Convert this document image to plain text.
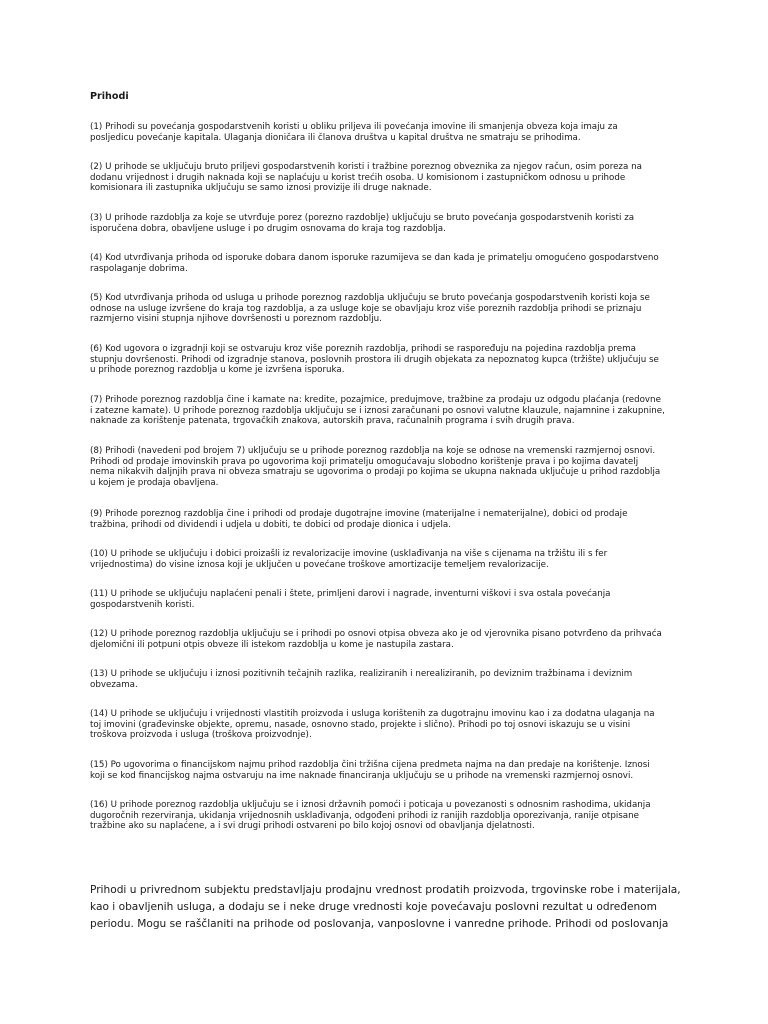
Prihodi

(1) Prihodi su povećanja gospodarstvenih koristi u obliku priljeva ili povećanja imovine ili smanjenja obveza koja imaju za
posljedicu povećanje kapitala. Ulaganja dioničara ili članova društva u kapital društva ne smatraju se prihodima.

(2) U prihode se uključuju bruto priljevi gospodarstvenih koristi i tražbine poreznog obveznika za njegov račun, osim poreza na
dodanu vrijednost i drugih naknada koji se naplaćuju u korist trećih osoba. U komisionom i zastupničkom odnosu u prihode
komisionara ili zastupnika uključuju se samo iznosi provizije ili druge naknade.

(3) U prihode razdoblja za koje se utvrđuje porez (porezno razdoblje) uključuju se bruto povećanja gospodarstvenih koristi za
isporučena dobra, obavljene usluge i po drugim osnovama do kraja tog razdoblja.

(4) Kod utvrđivanja prihoda od isporuke dobara danom isporuke razumijeva se dan kada je primatelju omogućeno gospodarstveno
raspolaganje dobrima.

(5) Kod utvrđivanja prihoda od usluga u prihode poreznog razdoblja uključuju se bruto povećanja gospodarstvenih koristi koja se
odnose na usluge izvršene do kraja tog razdoblja, a za usluge koje se obavljaju kroz više poreznih razdoblja prihodi se priznaju
razmjerno visini stupnja njihove dovršenosti u poreznom razdoblju.

(6) Kod ugovora o izgradnji koji se ostvaruju kroz više poreznih razdoblja, prihodi se raspoređuju na pojedina razdoblja prema
stupnju dovršenosti. Prihodi od izgradnje stanova, poslovnih prostora ili drugih objekata za nepoznatog kupca (tržište) uključuju se
u prihode poreznog razdoblja u kome je izvršena isporuka.

(7) Prihode poreznog razdoblja čine i kamate na: kredite, pozajmice, predujmove, tražbine za prodaju uz odgodu plaćanja (redovne
i zatezne kamate). U prihode poreznog razdoblja uključuju se i iznosi zaračunani po osnovi valutne klauzule, najamnine i zakupnine,
naknade za korištenje patenata, trgovačkih znakova, autorskih prava, računalnih programa i svih drugih prava.

(8) Prihodi (navedeni pod brojem 7) uključuju se u prihode poreznog razdoblja na koje se odnose na vremenski razmjernoj osnovi.
Prihodi od prodaje imovinskih prava po ugovorima koji primatelju omogućavaju slobodno korištenje prava i po kojima davatelj
nema nikakvih daljnjih prava ni obveza smatraju se ugovorima o prodaji po kojima se ukupna naknada uključuje u prihod razdoblja
u kojem je prodaja obavljena.

(9) Prihode poreznog razdoblja čine i prihodi od prodaje dugotrajne imovine (materijalne i nematerijalne), dobici od prodaje
tražbina, prihodi od dividendi i udjela u dobiti, te dobici od prodaje dionica i udjela.

(10) U prihode se uključuju i dobici proizašli iz revalorizacije imovine (usklađivanja na više s cijenama na tržištu ili s fer
vrijednostima) do visine iznosa koji je uključen u povećane troškove amortizacije temeljem revalorizacije.

(11) U prihode se uključuju naplaćeni penali i štete, primljeni darovi i nagrade, inventurni viškovi i sva ostala povećanja
gospodarstvenih koristi.

(12) U prihode poreznog razdoblja uključuju se i prihodi po osnovi otpisa obveza ako je od vjerovnika pisano potvrđeno da prihvaća
djelomični ili potpuni otpis obveze ili istekom razdoblja u kome je nastupila zastara.

(13) U prihode se uključuju i iznosi pozitivnih tečajnih razlika, realiziranih i nerealiziranih, po deviznim tražbinama i deviznim
obvezama.

(14) U prihode se uključuju i vrijednosti vlastitih proizvoda i usluga korištenih za dugotrajnu imovinu kao i za dodatna ulaganja na
toj imovini (građevinske objekte, opremu, nasade, osnovno stado, projekte i slično). Prihodi po toj osnovi iskazuju se u visini
troškova proizvoda i usluga (troškova proizvodnje).

(15) Po ugovorima o financijskom najmu prihod razdoblja čini tržišna cijena predmeta najma na dan predaje na korištenje. Iznosi
koji se kod financijskog najma ostvaruju na ime naknade financiranja uključuju se u prihode na vremenski razmjernoj osnovi.

(16) U prihode poreznog razdoblja uključuju se i iznosi državnih pomoći i poticaja u povezanosti s odnosnim rashodima, ukidanja
dugoročnih rezerviranja, ukidanja vrijednosnih usklađivanja, odgođeni prihodi iz ranijih razdoblja oporezivanja, ranije otpisane
tražbine ako su naplaćene, a i svi drugi prihodi ostvareni po bilo kojoj osnovi od obavljanja djelatnosti.

Prihodi u privrednom subjektu predstavljaju prodajnu vrednost prodatih proizvoda, trgovinske robe i materijala,
kao i obavljenih usluga, a dodaju se i neke druge vrednosti koje povećavaju poslovni rezultat u određenom
periodu. Mogu se raščlaniti na prihode od poslovanja, vanposlovne i vanredne prihode. Prihodi od poslovanja
